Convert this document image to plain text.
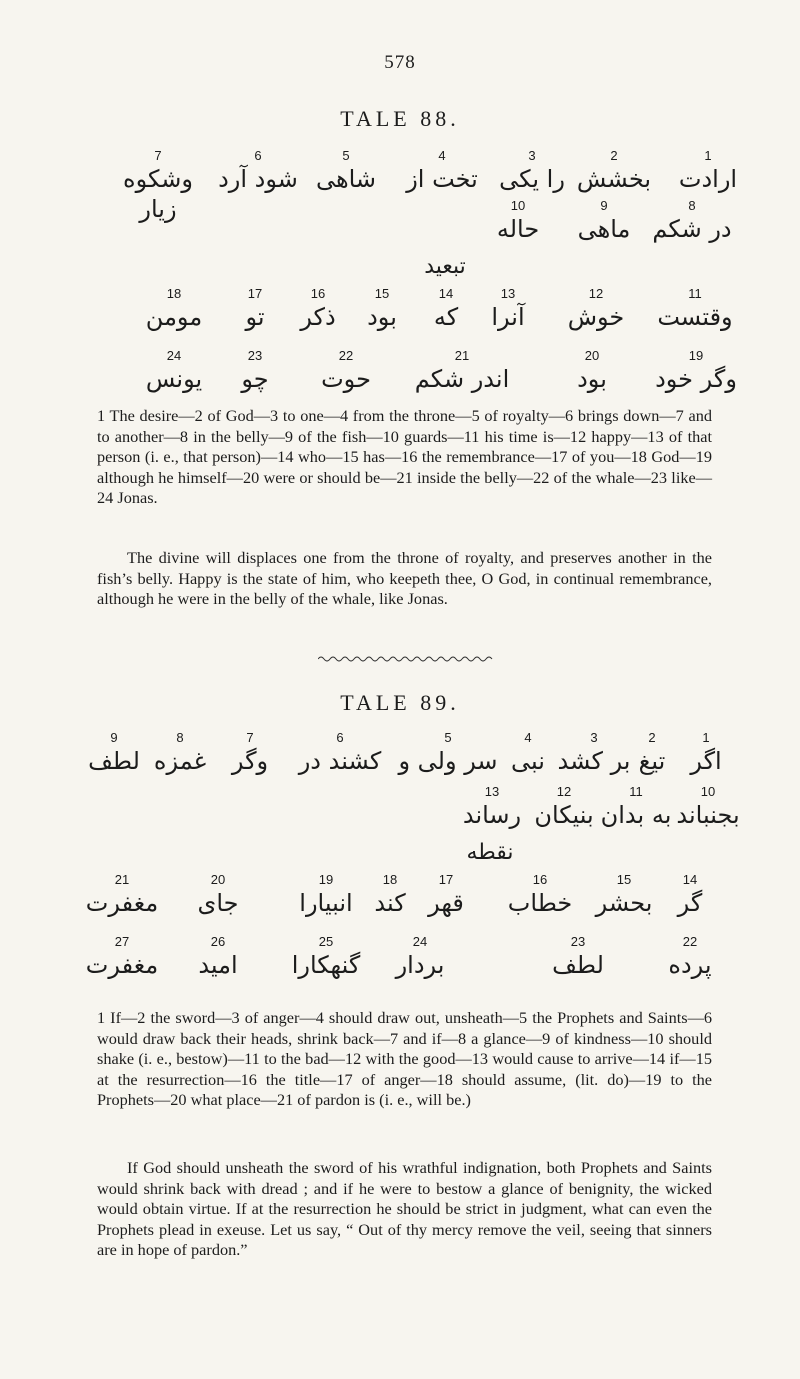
578
TALE 88.
7
وشکوه زیار
6
شود آرد
5
شاهی
4
تخت از
3
را یکی
2
بخشش
1
ارادت
10
حاله
9
ماهی
8
در شکم
تبعید
18
مومن
17
تو
16
ذکر
15
بود
14
که
13
آنرا
12
خوش
11
وقتست
24
یونس
23
چو
22
حوت
21
اندر شکم
20
بود
19
وگر خود
1 The desire—2 of God—3 to one—4 from the throne—5 of royalty—6 brings down—7 and to another—8 in the belly—9 of the fish—10 guards—11 his time is—12 happy—13 of that person (i. e., that person)—14 who—15 has—16 the remembrance—17 of you—18 God—19 although he himself—20 were or should be—21 inside the belly—22 of the whale—23 like—24 Jonas.
The divine will displaces one from the throne of royalty, and preserves another in the fish’s belly. Happy is the state of him, who keepeth thee, O God, in continual remembrance, although he were in the belly of the whale, like Jonas.
TALE 89.
9
لطف
8
غمزه
7
وگر
6
کشند در
5
سر ولی و
4
نبی
3
بر کشد
2
تیغ
1
اگر
13
رساند
12
بنیکان
11
به بدان
10
بجنباند
نقطه
21
مغفرت
20
جای
19
انبیارا
18
کند
17
قهر
16
خطاب
15
بحشر
14
گر
27
مغفرت
26
امید
25
گنهکارا
24
بردار
23
لطف
22
پرده
1 If—2 the sword—3 of anger—4 should draw out, unsheath—5 the Prophets and Saints—6 would draw back their heads, shrink back—7 and if—8 a glance—9 of kindness—10 should shake (i. e., bestow)—11 to the bad—12 with the good—13 would cause to arrive—14 if—15 at the resurrection—16 the title—17 of anger—18 should assume, (lit. do)—19 to the Prophets—20 what place—21 of pardon is (i. e., will be.)
If God should unsheath the sword of his wrathful indignation, both Prophets and Saints would shrink back with dread ; and if he were to bestow a glance of benignity, the wicked would obtain virtue. If at the resurrection he should be strict in judgment, what can even the Prophets plead in exeuse. Let us say, “ Out of thy mercy remove the veil, seeing that sinners are in hope of pardon.”
